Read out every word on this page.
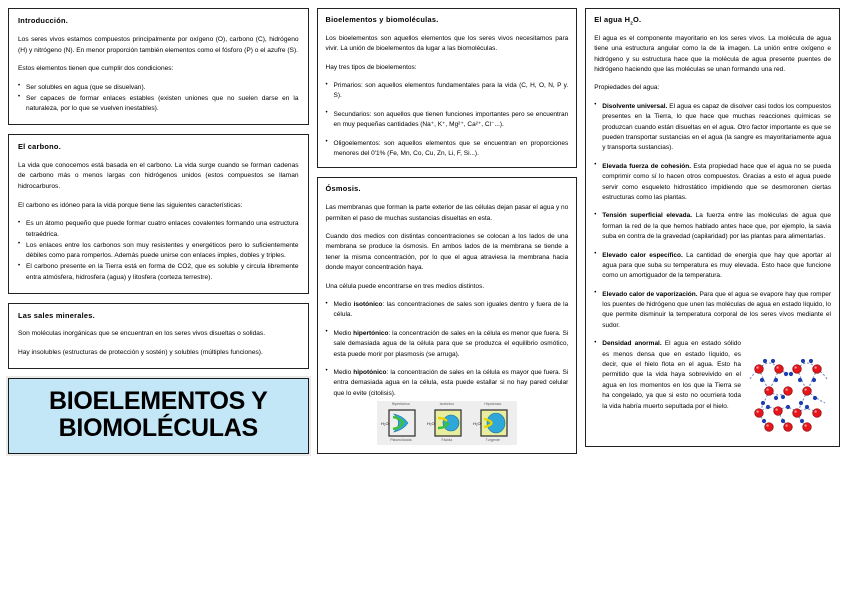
Introducción.

Los seres vivos estamos compuestos principalmente por oxígeno (O), carbono (C), hidrógeno (H) y nitrógeno (N). En menor proporción también elementos como el fósforo (P) o el azufre (S).

Estos elementos tienen que cumplir dos condiciones:

• Ser solubles en agua (que se disuelvan).
• Ser capaces de formar enlaces estables (existen uniones que no suelen darse en la naturaleza, por lo que se vuelven inestables).
El carbono.

La vida que conocemos está basada en el carbono. La vida surge cuando se forman cadenas de carbono más o menos largas con hidrógenos unidos (estos compuestos se llaman hidrocarburos.

El carbono es idóneo para la vida porque tiene las siguientes características:

• Es un átomo pequeño que puede formar cuatro enlaces covalentes formando una estructura tetraédrica.
• Los enlaces entre los carbonos son muy resistentes y energéticos pero lo suficientemente débiles como para romperlos. Además puede unirse con enlaces imples, dobles y triples.
• El carbono presente en la Tierra está en forma de CO2, que es soluble y circula libremente entra atmósfera, hidrosfera (agua) y litosfera (corteza terrestre).
Las sales minerales.

Son moléculas inorgánicas que se encuentran en los seres vivos disueltas o solidas.

Hay insolubles (estructuras de protección y sostén) y solubles (múltiples funciones).

BIOELEMENTOS Y
BIOMOLÉCULAS
Bioelementos y biomoléculas.

Los bioelementos son aquellos elementos que los seres vivos necesitamos para vivir. La unión de bioelementos da lugar a las biomoléculas.

Hay tres tipos de bioelementos:

• Primarios: son aquellos elementos fundamentales para la vida (C, H, O, N, P y. S).
• Secundarios: son aquellos que tienen funciones importantes pero se encuentran en muy pequeñas cantidades (Na⁺, K⁺, Mg²⁺, Ca²⁺, Cl⁻...).
• Oligoelementos: son aquellos elementos que se encuentran en proporciones menores del 0'1% (Fe, Mn, Co, Cu, Zn, Li, F, Si...).
Ósmosis.

Las membranas que forman la parte exterior de las células dejan pasar el agua y no permiten el paso de muchas sustancias disueltas en esta.

Cuando dos medios con distintas concentraciones se colocan a los lados de una membrana se produce la ósmosis. En ambos lados de la membrana se tiende a tener la misma concentración, por lo que el agua atraviesa la membrana hacia donde mayor concentración haya.

Una célula puede encontrarse en tres medios distintos.

• Medio isotónico: las concentraciones de sales son iguales dentro y fuera de la célula.
• Medio hipertónico: la concentración de sales en la célula es menor que fuera. Si sale demasiada agua de la célula para que se produzca el equilibrio osmótico, esta puede morir por plasmosis (se arruga).
• Medio hipotónico: la concentración de sales en la célula es mayor que fuera. Si entra demasiada agua en la célula, esta puede estallar si no hay pared celular que lo evite (citolisis).
Hipertónico	Isotónico	Hipotónico
H₂O
Plasmolizada
H₂O
Fácida
H₂O
Turgente
El agua $H_2O$.

El agua es el componente mayoritario en los seres vivos. La molécula de agua tiene una estructura angular como la de la imagen. La unión entre oxígeno e hidrógeno y su estructura hace que la molécula de agua presente puentes de hidrógeno haciendo que las moléculas se unan formando una red.

Propiedades del agua:

• Disolvente universal. El agua es capaz de disolver casi todos los compuestos presentes en la Tierra, lo que hace que muchas reacciones químicas se produzcan cuando están disueltas en el agua. Otro factor importante es que se pueden transportar sustancias en el agua (la sangre es mayoritariamente agua y transporta sustancias).
• Elevada fuerza de cohesión. Esta propiedad hace que el agua no se pueda comprimir como sí lo hacen otros compuestos. Gracias a esto el agua puede servir como esqueleto hidrostático impidiendo que se desmoronen ciertas estructuras como las plantas.
• Tensión superficial elevada. La fuerza entre las moléculas de agua que forman la red de la que hemos hablado antes hace que, por ejemplo, la savia suba en contra de la gravedad (capilaridad) por las plantas para alimentarlas.
• Elevado calor específico. La cantidad de energía que hay que aportar al agua para que suba su temperatura es muy elevada. Esto hace que funcione como un amortiguador de la temperatura.
• Elevado calor de vaporización. Para que el agua se evapore hay que romper los puentes de hidrógeno que unen las moléculas de agua en estado líquido, lo que permite disminuir la temperatura corporal de los seres vivos mediante el sudor.
• Densidad anormal. El agua en estado sólido es menos densa que en estado líquido, es decir, que el hielo flota en el agua. Esto ha permitido que la vida haya sobrevivido en el agua en los momentos en los que la Tierra se ha congelado, ya que si esto no ocurriera toda la vida habría muerto sepultada por el hielo.
